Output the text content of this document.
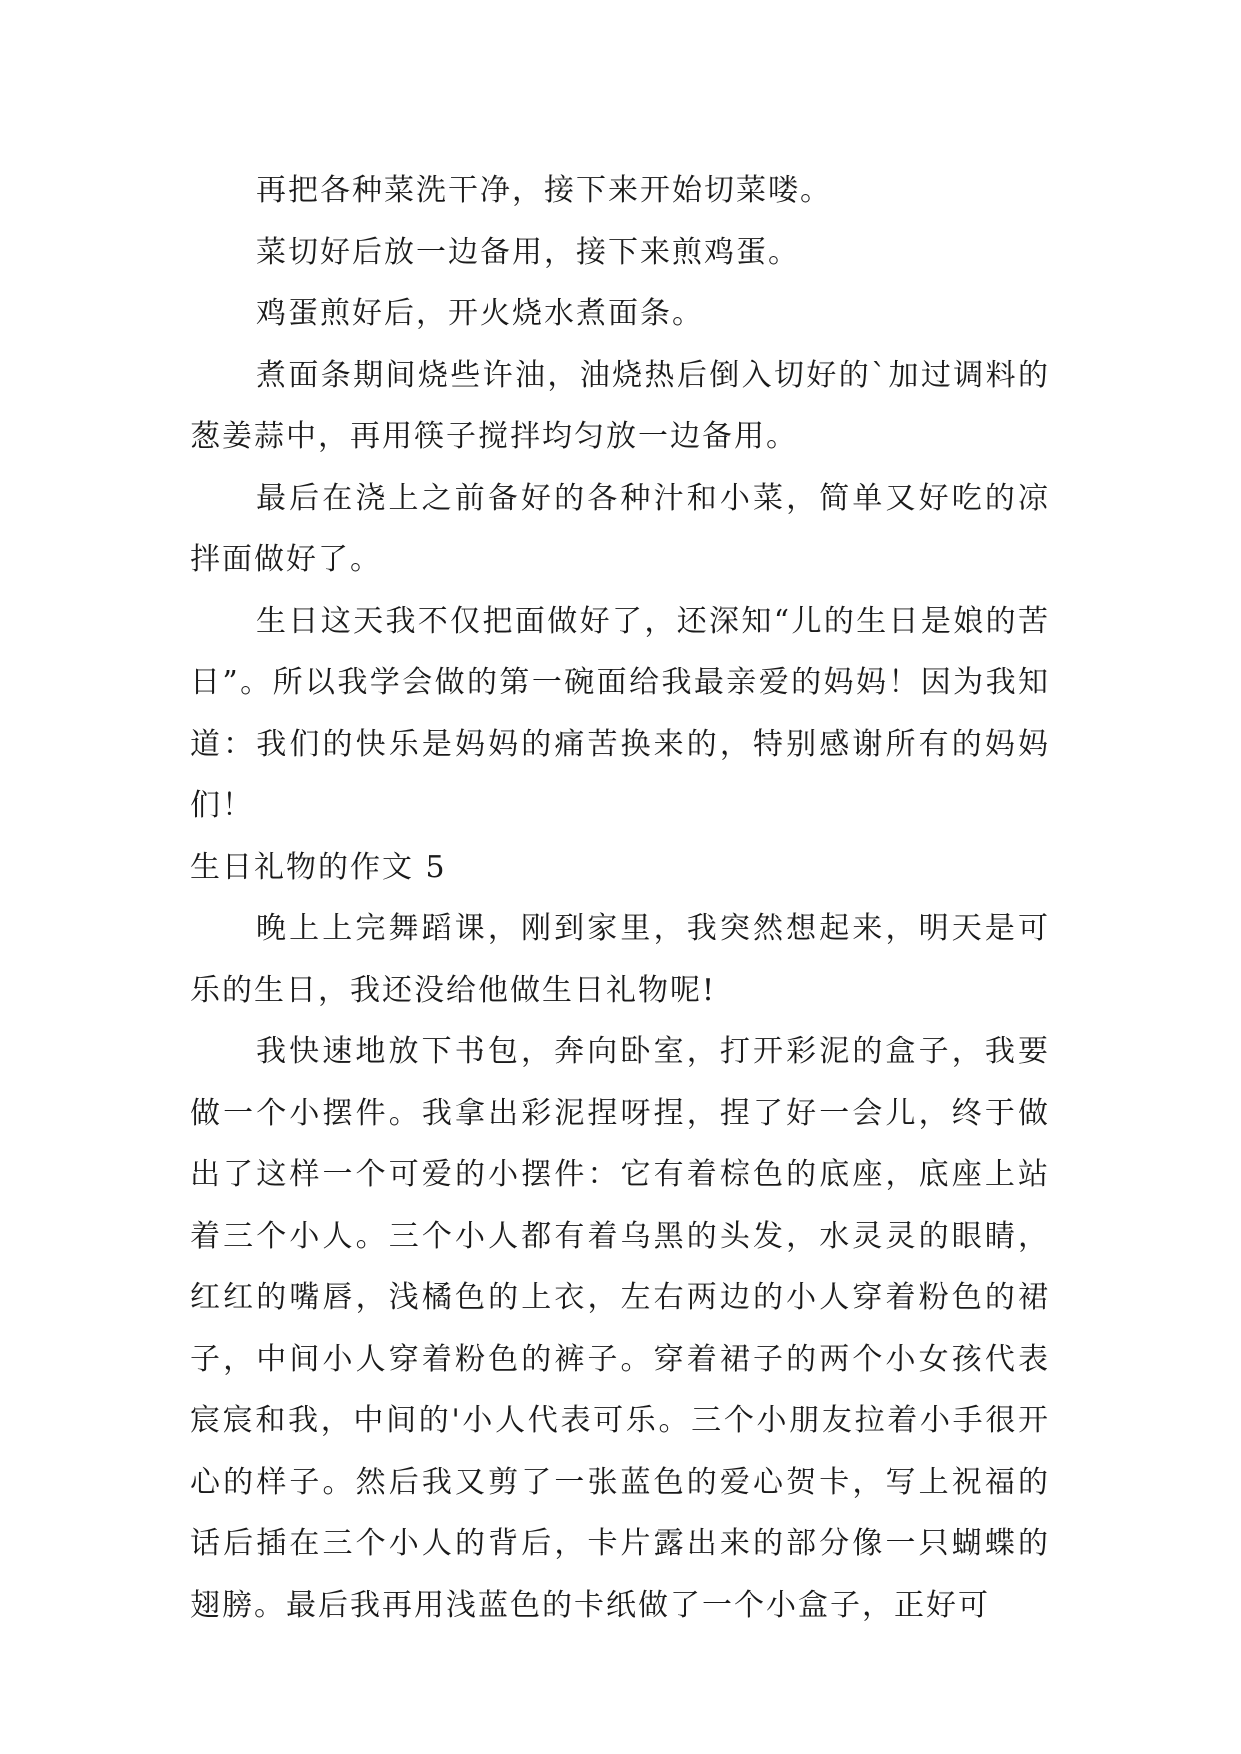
再把各种菜洗干净，接下来开始切菜喽。

菜切好后放一边备用，接下来煎鸡蛋。

鸡蛋煎好后，开火烧水煮面条。

煮面条期间烧些许油，油烧热后倒入切好的`加过调料的葱姜蒜中，再用筷子搅拌均匀放一边备用。

最后在浇上之前备好的各种汁和小菜，简单又好吃的凉拌面做好了。

生日这天我不仅把面做好了，还深知“儿的生日是娘的苦日”。所以我学会做的第一碗面给我最亲爱的妈妈！因为我知道：我们的快乐是妈妈的痛苦换来的，特别感谢所有的妈妈们！

生日礼物的作文 5

晚上上完舞蹈课，刚到家里，我突然想起来，明天是可乐的生日，我还没给他做生日礼物呢!

我快速地放下书包，奔向卧室，打开彩泥的盒子，我要做一个小摆件。我拿出彩泥捏呀捏，捏了好一会儿，终于做出了这样一个可爱的小摆件：它有着棕色的底座，底座上站着三个小人。三个小人都有着乌黑的头发，水灵灵的眼睛，红红的嘴唇，浅橘色的上衣，左右两边的小人穿着粉色的裙子，中间小人穿着粉色的裤子。穿着裙子的两个小女孩代表宸宸和我，中间的'小人代表可乐。三个小朋友拉着小手很开心的样子。然后我又剪了一张蓝色的爱心贺卡，写上祝福的话后插在三个小人的背后，卡片露出来的部分像一只蝴蝶的翅膀。最后我再用浅蓝色的卡纸做了一个小盒子，正好可
